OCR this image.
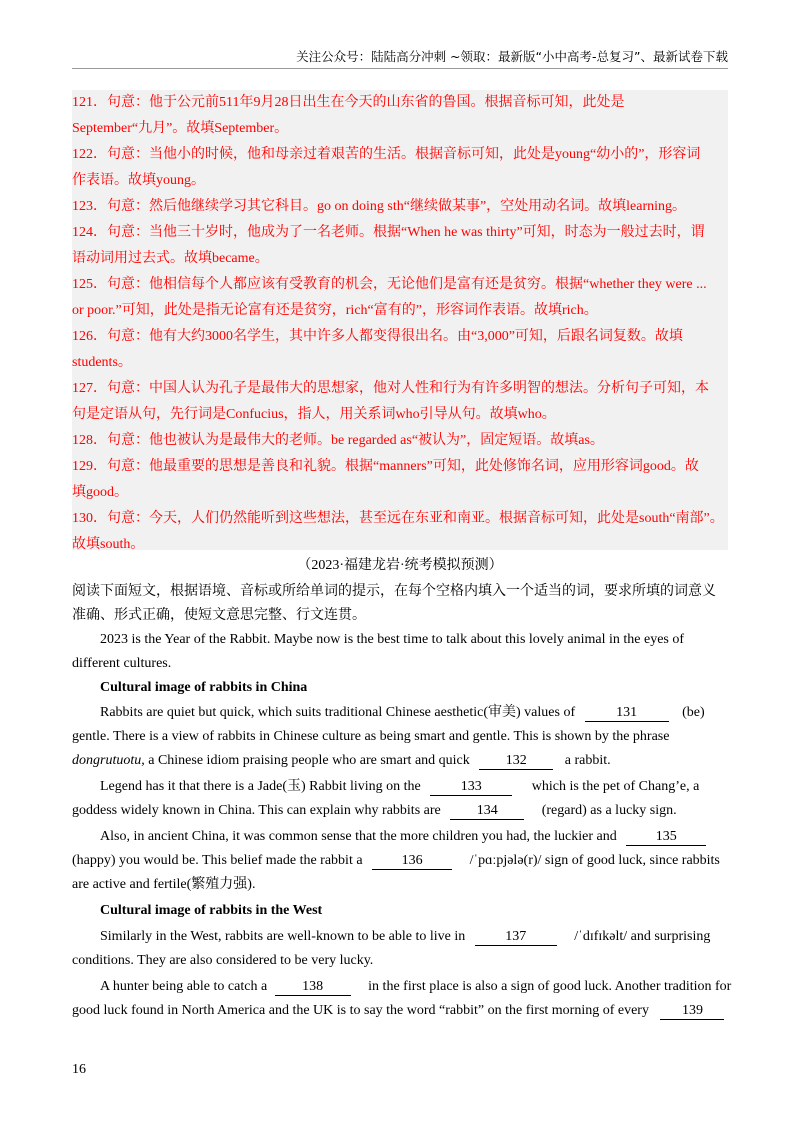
关注公众号：陆陆高分冲刺 ~领取：最新版“小中高考-总复习”、最新试卷下载
121．句意：他于公元前511年9月28日出生在今天的山东省的鲁国。根据音标可知，此处是
September“九月”。故填September。
122．句意：当他小的时候，他和母亲过着艰苦的生活。根据音标可知，此处是young“幼小的”，形容词
作表语。故填young。
123．句意：然后他继续学习其它科目。go on doing sth“继续做某事”，空处用动名词。故填learning。
124．句意：当他三十岁时，他成为了一名老师。根据“When he was thirty”可知，时态为一般过去时，谓
语动词用过去式。故填became。
125．句意：他相信每个人都应该有受教育的机会，无论他们是富有还是贫穷。根据“whether they were ...
or poor.”可知，此处是指无论富有还是贫穷，rich“富有的”，形容词作表语。故填rich。
126．句意：他有大约3000名学生，其中许多人都变得很出名。由“3,000”可知，后跟名词复数。故填
students。
127．句意：中国人认为孔子是最伟大的思想家，他对人性和行为有许多明智的想法。分析句子可知，本
句是定语从句，先行词是Confucius，指人，用关系词who引导从句。故填who。
128．句意：他也被认为是最伟大的老师。be regarded as“被认为”，固定短语。故填as。
129．句意：他最重要的思想是善良和礼貌。根据“manners”可知，此处修饰名词，应用形容词good。故
填good。
130．句意：今天，人们仍然能听到这些想法，甚至远在东亚和南亚。根据音标可知，此处是south“南部”。
故填south。
（2023·福建龙岩·统考模拟预测）
阅读下面短文，根据语境、音标或所给单词的提示，在每个空格内填入一个适当的词，要求所填的词意义
准确、形式正确，使短文意思完整、行文连贯。
2023 is the Year of the Rabbit. Maybe now is the best time to talk about this lovely animal in the eyes of
different cultures.
Cultural image of rabbits in China
Rabbits are quiet but quick, which suits traditional Chinese aesthetic(审美) values of	131	(be)
gentle. There is a view of rabbits in Chinese culture as being smart and gentle. This is shown by the phrase
dongrutuotu, a Chinese idiom praising people who are smart and quick	132	a rabbit.
Legend has it that there is a Jade(玉) Rabbit living on the	133	which is the pet of Chang’e, a
goddess widely known in China. This can explain why rabbits are	134	(regard) as a lucky sign.
Also, in ancient China, it was common sense that the more children you had, the luckier and	135
(happy) you would be. This belief made the rabbit a	136	/ˈpɑːpjələ(r)/ sign of good luck, since rabbits
are active and fertile(繁殖力强).
Cultural image of rabbits in the West
Similarly in the West, rabbits are well-known to be able to live in	137	/ˈdɪfɪkəlt/ and surprising
conditions. They are also considered to be very lucky.
A hunter being able to catch a	138	in the first place is also a sign of good luck. Another tradition for
good luck found in North America and the UK is to say the word “rabbit” on the first morning of every 139
16
